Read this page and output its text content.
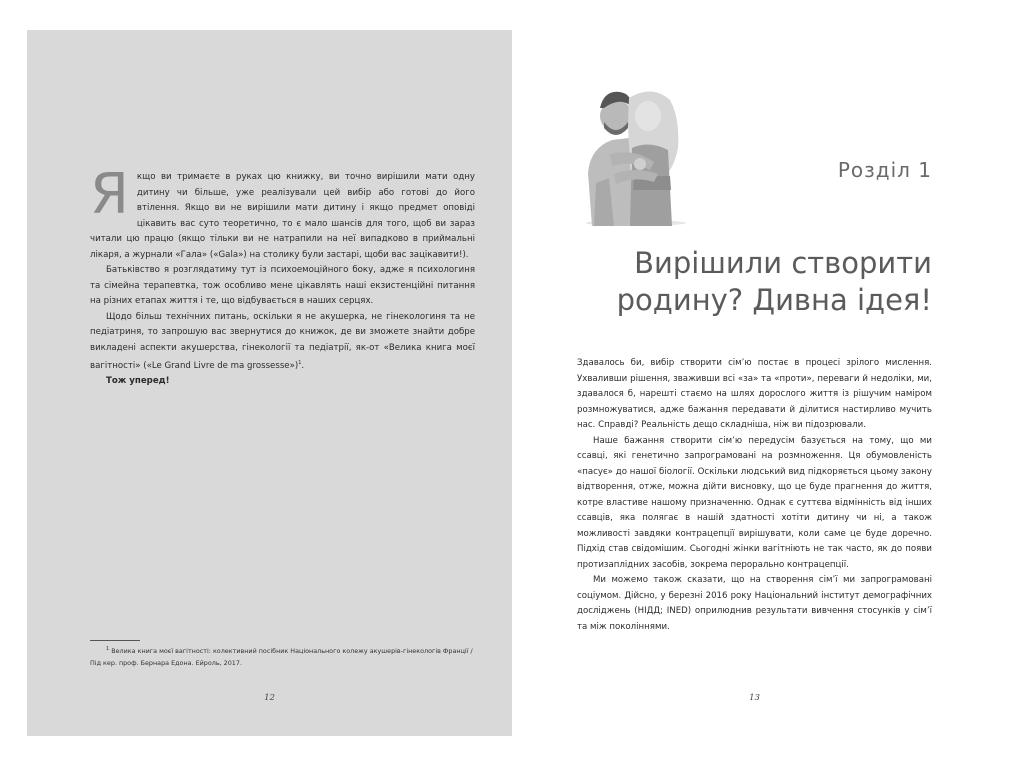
Якщо ви тримаєте в руках цю книжку, ви точно вирішили мати одну дитину чи більше, уже реалізували цей вибір або готові до його втілення. Якщо ви не вирішили мати дитину і якщо предмет оповіді цікавить вас суто теоретично, то є мало шансів для того, щоб ви зараз читали цю працю (якщо тільки ви не натрапили на неї випадково в приймальні лікаря, а журнали «Гала» («Gala») на столику були застарі, щоби вас зацікавити!).

Батьківство я розглядатиму тут із психоемоційного боку, адже я психологиня та сімейна терапевтка, тож особливо мене цікавлять наші екзистенційні питання на різних етапах життя і те, що відбувається в наших серцях.

Щодо більш технічних питань, оскільки я не акушерка, не гінекологиня та не педіатриня, то запрошую вас звернутися до книжок, де ви зможете знайти добре викладені аспекти акушерства, гінекології та педіатрії, як-от «Велика книга моєї вагітності» («Le Grand Livre de ma grossesse»)$^1$.

Тож уперед!

$^1$ Велика книга моєї вагітності: колективний посібник Національного колежу акушерів-гінекологів Франції / Під кер. проф. Бернара Едона. Ейроль, 2017.
12
Розділ 1
Вирішили створити родину? Дивна ідея!

Здавалось би, вибір створити сім’ю постає в процесі зрілого мислення. Ухваливши рішення, зваживши всі «за» та «проти», переваги й недоліки, ми, здавалося б, нарешті стаємо на шлях дорослого життя із рішучим наміром розмножуватися, адже бажання передавати й ділитися настирливо мучить нас. Справді? Реальність дещо складніша, ніж ви підозрювали.

Наше бажання створити сім’ю передусім базується на тому, що ми ссавці, які генетично запрограмовані на розмноження. Ця обумовленість «пасує» до нашої біології. Оскільки людський вид підкоряється цьому закону відтворення, отже, можна дійти висновку, що це буде прагнення до життя, котре властиве нашому призначенню. Однак є суттєва відмінність від інших ссавців, яка полягає в нашій здатності хотіти дитину чи ні, а також можливості завдяки контрацепції вирішувати, коли саме це буде доречно. Підхід став свідомішим. Сьогодні жінки вагітніють не так часто, як до появи протизаплідних засобів, зокрема перорально контрацепції.

Ми можемо також сказати, що на створення сім’ї ми запрограмовані соціумом. Дійсно, у березні 2016 року Національний інститут демографічних досліджень (НІДД; INED) оприлюднив результати вивчення стосунків у сім’ї та між поколіннями.

13
